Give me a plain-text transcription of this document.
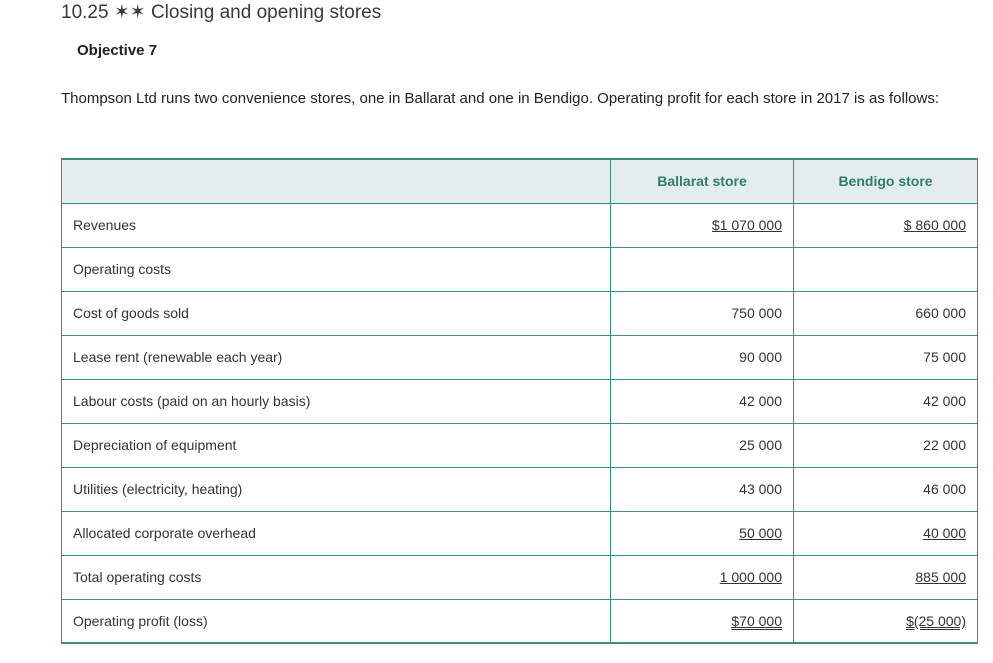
10.25 ✶✶ Closing and opening stores
Objective 7
Thompson Ltd runs two convenience stores, one in Ballarat and one in Bendigo. Operating profit for each store in 2017 is as follows:
	Ballarat store	Bendigo store
Revenues	$1 070 000	$ 860 000
Operating costs		
Cost of goods sold	750 000	660 000
Lease rent (renewable each year)	90 000	75 000
Labour costs (paid on an hourly basis)	42 000	42 000
Depreciation of equipment	25 000	22 000
Utilities (electricity, heating)	43 000	46 000
Allocated corporate overhead	50 000	40 000
Total operating costs	1 000 000	885 000
Operating profit (loss)	$70 000	$(25 000)
